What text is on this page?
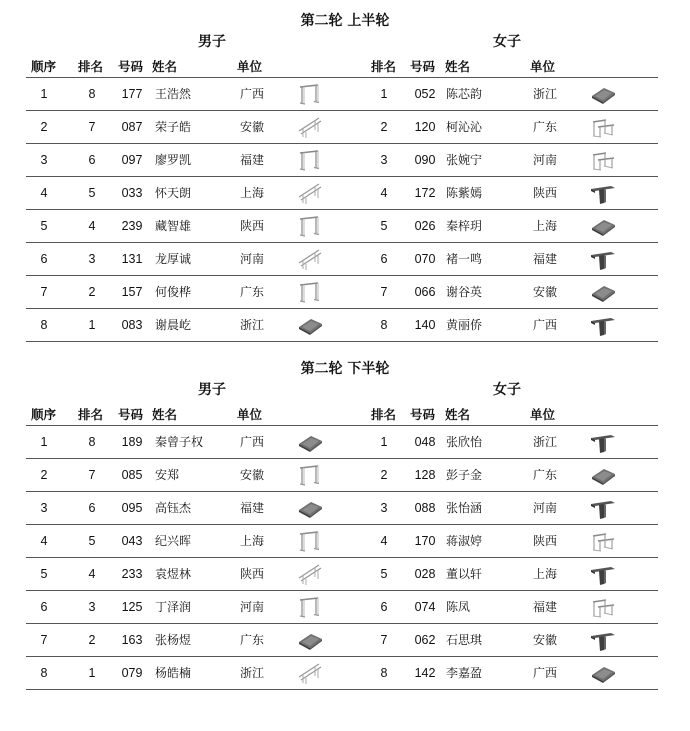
第二轮 上半轮
男子	女子
顺序 排名 号码 姓名	单位	排名 号码 姓名	单位
1	8	177	王浩然	广西	1	052 陈芯韵	浙江
2	7	087	荣子皓	安徽	2	120 柯沁沁	广东
3	6	097	廖罗凯	福建	3	090 张婉宁	河南
4	5	033	怀天朗	上海	4	172 陈紫嫣	陕西
5	4	239	藏智雄	陕西	5	026 秦梓玥	上海
6	3	131	龙厚诚	河南	6	070 褚一鸣	福建
7	2	157	何俊桦	广东	7	066 谢谷英	安徽
8	1	083	谢晨屹	浙江	8	140 黄丽侨	广西
第二轮 下半轮
男子	女子
顺序 排名 号码 姓名	单位	排名 号码 姓名	单位
1	8	189	秦曾子权	广西	1	048 张欣怡	浙江
2	7	085	安郑	安徽	2	128 彭子金	广东
3	6	095	高钰杰	福建	3	088 张怡涵	河南
4	5	043	纪兴晖	上海	4	170 蒋淑婷	陕西
5	4	233	袁煜林	陕西	5	028 董以轩	上海
6	3	125	丁泽润	河南	6	074 陈凤	福建
7	2	163	张杨煜	广东	7	062 石思琪	安徽
8	1	079	杨皓楠	浙江	8	142 李嘉盈	广西
